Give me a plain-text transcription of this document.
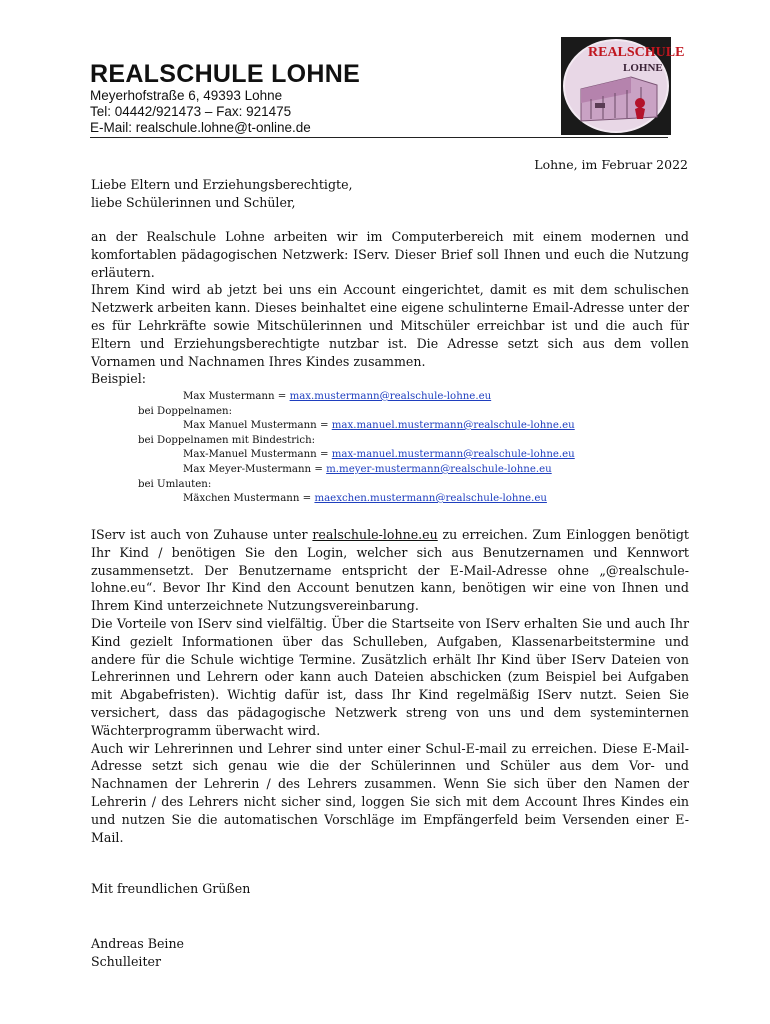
REALSCHULE LOHNE
Meyerhofstraße 6, 49393 Lohne
Tel: 04442/921473 – Fax: 921475
E-Mail: realschule.lohne@t-online.de
REALSCHULE
LOHNE
Lohne, im Februar 2022

Liebe Eltern und Erziehungsberechtigte,

liebe Schülerinnen und Schüler,

an der Realschule Lohne arbeiten wir im Computerbereich mit einem modernen und komfortablen pädagogischen Netzwerk: IServ. Dieser Brief soll Ihnen und euch die Nutzung erläutern.

Ihrem Kind wird ab jetzt bei uns ein Account eingerichtet, damit es mit dem schulischen Netzwerk arbeiten kann. Dieses beinhaltet eine eigene schulinterne Email-Adresse unter der es für Lehrkräfte sowie Mitschülerinnen und Mitschüler erreichbar ist und die auch für Eltern und Erziehungsberechtigte nutzbar ist. Die Adresse setzt sich aus dem vollen Vornamen und Nachnamen Ihres Kindes zusammen.

Beispiel:

Max Mustermann = max.mustermann@realschule-lohne.eu
bei Doppelnamen:
Max Manuel Mustermann = max.manuel.mustermann@realschule-lohne.eu
bei Doppelnamen mit Bindestrich:
Max-Manuel Mustermann = max-manuel.mustermann@realschule-lohne.eu
Max Meyer-Mustermann = m.meyer-mustermann@realschule-lohne.eu
bei Umlauten:
Mäxchen Mustermann = maexchen.mustermann@realschule-lohne.eu

IServ ist auch von Zuhause unter realschule-lohne.eu zu erreichen. Zum Einloggen benötigt Ihr Kind / benötigen Sie den Login, welcher sich aus Benutzernamen und Kennwort zusammensetzt. Der Benutzername entspricht der E-Mail-Adresse ohne „@realschule-lohne.eu“. Bevor Ihr Kind den Account benutzen kann, benötigen wir eine von Ihnen und Ihrem Kind unterzeichnete Nutzungsvereinbarung.

Die Vorteile von IServ sind vielfältig. Über die Startseite von IServ erhalten Sie und auch Ihr Kind gezielt Informationen über das Schulleben, Aufgaben, Klassenarbeitstermine und andere für die Schule wichtige Termine. Zusätzlich erhält Ihr Kind über IServ Dateien von Lehrerinnen und Lehrern oder kann auch Dateien abschicken (zum Beispiel bei Aufgaben mit Abgabefristen). Wichtig dafür ist, dass Ihr Kind regelmäßig IServ nutzt. Seien Sie versichert, dass das pädagogische Netzwerk streng von uns und dem systeminternen Wächterprogramm überwacht wird.

Auch wir Lehrerinnen und Lehrer sind unter einer Schul-E-mail zu erreichen. Diese E-Mail-Adresse setzt sich genau wie die der Schülerinnen und Schüler aus dem Vor- und Nachnamen der Lehrerin / des Lehrers zusammen. Wenn Sie sich über den Namen der Lehrerin / des Lehrers nicht sicher sind, loggen Sie sich mit dem Account Ihres Kindes ein und nutzen Sie die automatischen Vorschläge im Empfängerfeld beim Versenden einer E-Mail.

Mit freundlichen Grüßen

Andreas Beine

Schulleiter
